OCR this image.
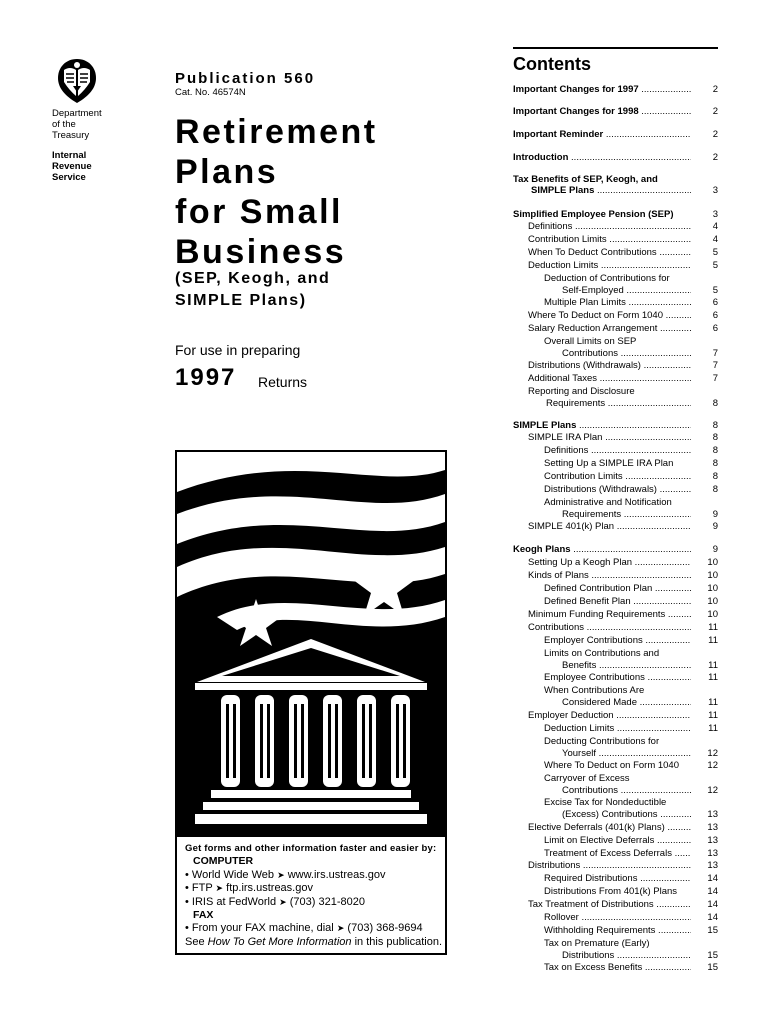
Department
of the
Treasury
Internal
Revenue
Service
Publication 560
Cat. No. 46574N
Retirement
Plans
for Small
Business
(SEP, Keogh, and
SIMPLE Plans)
For use in preparing
1997 Returns
Get forms and other information faster and easier by:
COMPUTER
• World Wide Web ➤ www.irs.ustreas.gov
• FTP ➤ ftp.irs.ustreas.gov
• IRIS at FedWorld ➤ (703) 321-8020
FAX
• From your FAX machine, dial ➤ (703) 368-9694
See How To Get More Information in this publication.
Contents
Important Changes for 1997 .....	2
Important Changes for 1998 .....	2
Important Reminder .....	2
Introduction .....	2
Tax Benefits of SEP, Keogh, and
SIMPLE Plans .....	3
Simplified Employee Pension (SEP)	3
Definitions .....	4
Contribution Limits .....	4
When To Deduct Contributions .....	5
Deduction Limits .....	5
Deduction of Contributions for
Self-Employed .....	5
Multiple Plan Limits .....	6
Where To Deduct on Form 1040 .....	6
Salary Reduction Arrangement .....	6
Overall Limits on SEP
Contributions .....	7
Distributions (Withdrawals) .....	7
Additional Taxes .....	7
Reporting and Disclosure
Requirements .....	8
SIMPLE Plans .....	8
SIMPLE IRA Plan .....	8
Definitions .....	8
Setting Up a SIMPLE IRA Plan	8
Contribution Limits .....	8
Distributions (Withdrawals) .....	8
Administrative and Notification
Requirements .....	9
SIMPLE 401(k) Plan .....	9
Keogh Plans .....	9
Setting Up a Keogh Plan .....	10
Kinds of Plans .....	10
Defined Contribution Plan .....	10
Defined Benefit Plan .....	10
Minimum Funding Requirements .....	10
Contributions .....	11
Employer Contributions .....	11
Limits on Contributions and
Benefits .....	11
Employee Contributions .....	11
When Contributions Are
Considered Made .....	11
Employer Deduction .....	11
Deduction Limits .....	11
Deducting Contributions for
Yourself .....	12
Where To Deduct on Form 1040	12
Carryover of Excess
Contributions .....	12
Excise Tax for Nondeductible
(Excess) Contributions .....	13
Elective Deferrals (401(k) Plans) .....	13
Limit on Elective Deferrals .....	13
Treatment of Excess Deferrals .....	13
Distributions .....	13
Required Distributions .....	14
Distributions From 401(k) Plans	14
Tax Treatment of Distributions .....	14
Rollover .....	14
Withholding Requirements .....	15
Tax on Premature (Early)
Distributions .....	15
Tax on Excess Benefits .....	15
